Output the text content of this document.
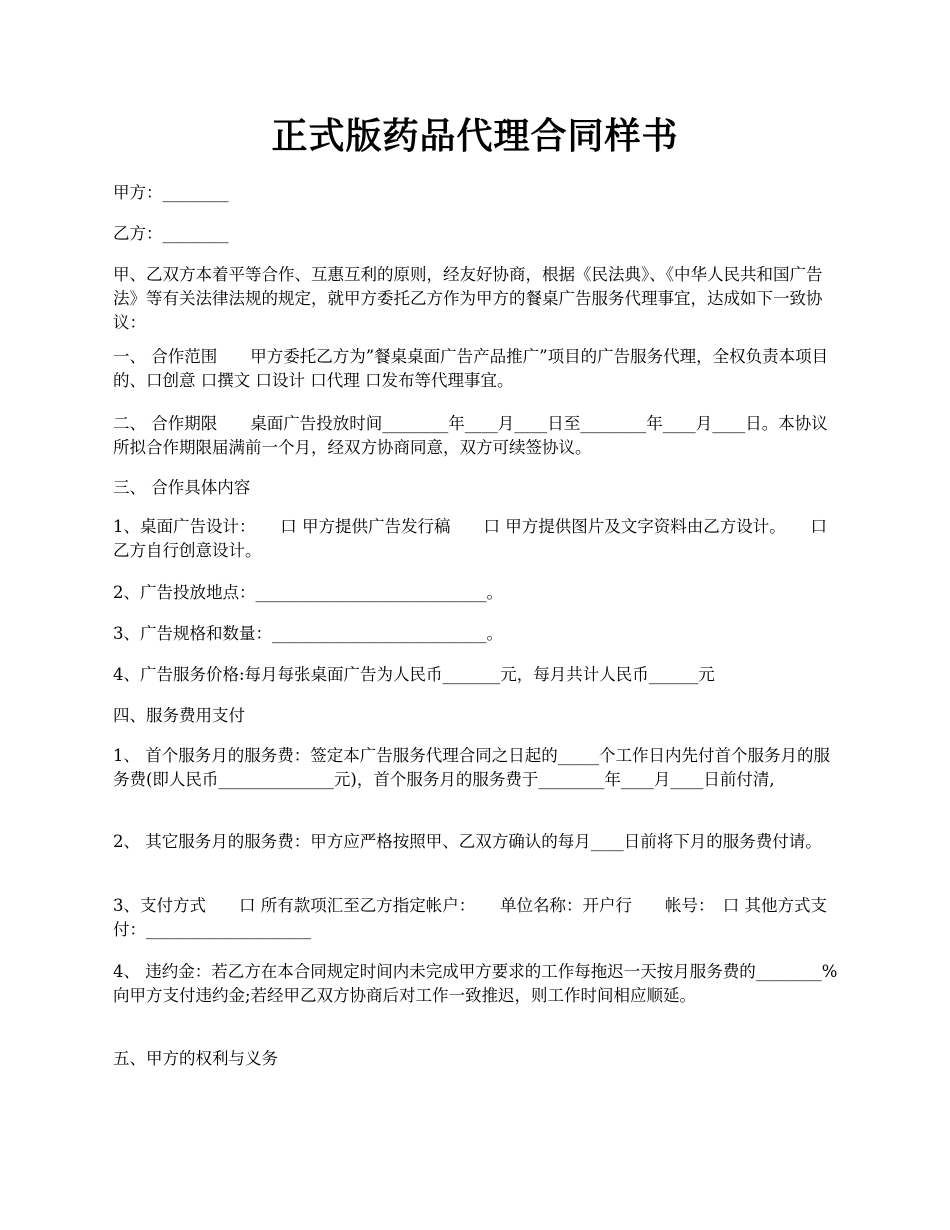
正式版药品代理合同样书
甲方：________
乙方：________
甲、乙双方本着平等合作、互惠互利的原则，经友好协商，根据《民法典》、《中华人民共和国广告法》等有关法律法规的规定，就甲方委托乙方作为甲方的餐桌广告服务代理事宜，达成如下一致协议：
一、 合作范围　　甲方委托乙方为”餐桌桌面广告产品推广”项目的广告服务代理，全权负责本项目的、口创意 口撰文 口设计 口代理 口发布等代理事宜。
二、 合作期限　　桌面广告投放时间________年____月____日至________年____月____日。本协议所拟合作期限届满前一个月，经双方协商同意，双方可续签协议。
三、 合作具体内容
1、桌面广告设计：　　口 甲方提供广告发行稿　　口 甲方提供图片及文字资料由乙方设计。　　口 乙方自行创意设计。
2、广告投放地点：____________________________。
3、广告规格和数量：__________________________。
4、广告服务价格:每月每张桌面广告为人民币_______元，每月共计人民币______元
四、服务费用支付
1、 首个服务月的服务费：签定本广告服务代理合同之日起的_____个工作日内先付首个服务月的服务费(即人民币______________元)，首个服务月的服务费于________年____月____日前付清,
2、 其它服务月的服务费：甲方应严格按照甲、乙双方确认的每月____日前将下月的服务费付请。
3、支付方式　　口 所有款项汇至乙方指定帐户：　　单位名称：开户行　　帐号：　口 其他方式支付：____________________
4、 违约金：若乙方在本合同规定时间内未完成甲方要求的工作每拖迟一天按月服务费的________%向甲方支付违约金;若经甲乙双方协商后对工作一致推迟，则工作时间相应顺延。
五、甲方的权利与义务
